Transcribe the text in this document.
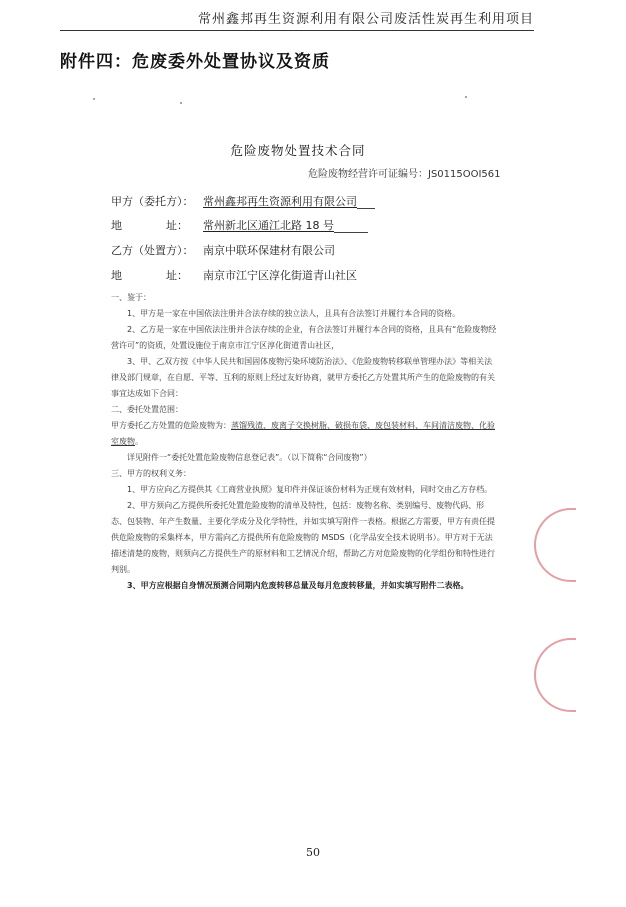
常州鑫邦再生资源利用有限公司废活性炭再生利用项目
附件四：危废委外处置协议及资质
危险废物处置技术合同
危险废物经营许可证编号：JS0115OOI561
甲方（委托方）： 常州鑫邦再生资源利用有限公司
地　　　　址： 常州新北区通江北路 18 号
乙方（处置方）： 南京中联环保建材有限公司
地　　　　址： 南京市江宁区淳化街道青山社区

一、鉴于：

1、甲方是一家在中国依法注册并合法存续的独立法人，且具有合法签订并履行本合同的资格。

2、乙方是一家在中国依法注册并合法存续的企业，有合法签订并履行本合同的资格，且具有“危险废物经营许可”的资质，处置设施位于南京市江宁区淳化街道青山社区，

3、甲、乙双方按《中华人民共和国固体废物污染环境防治法》、《危险废物转移联单管理办法》等相关法律及部门规章，在自愿、平等、互利的原则上经过友好协商，就甲方委托乙方处置其所产生的危险废物的有关事宜达成如下合同：

二、委托处置范围：

甲方委托乙方处置的危险废物为：蒸馏残渣、废离子交换树脂、破损布袋、废包装材料、车间清洁废物、化验室废物。

详见附件一“委托处置危险废物信息登记表”。（以下简称“合同废物”）

三、甲方的权利义务：

1、甲方应向乙方提供其《工商营业执照》复印件并保证该份材料为正规有效材料，同时交由乙方存档。

2、甲方须向乙方提供所委托处置危险废物的清单及特性，包括：废物名称、类别编号、废物代码、形态、包装物、年产生数量、主要化学成分及化学特性，并如实填写附件一表格。根据乙方需要，甲方有责任提供危险废物的采集样本，甲方需向乙方提供所有危险废物的 MSDS（化学品安全技术说明书）。甲方对于无法描述清楚的废物，则须向乙方提供生产的原材料和工艺情况介绍，帮助乙方对危险废物的化学组份和特性进行判别。

3、甲方应根据自身情况预测合同期内危废转移总量及每月危废转移量，并如实填写附件二表格。

50
